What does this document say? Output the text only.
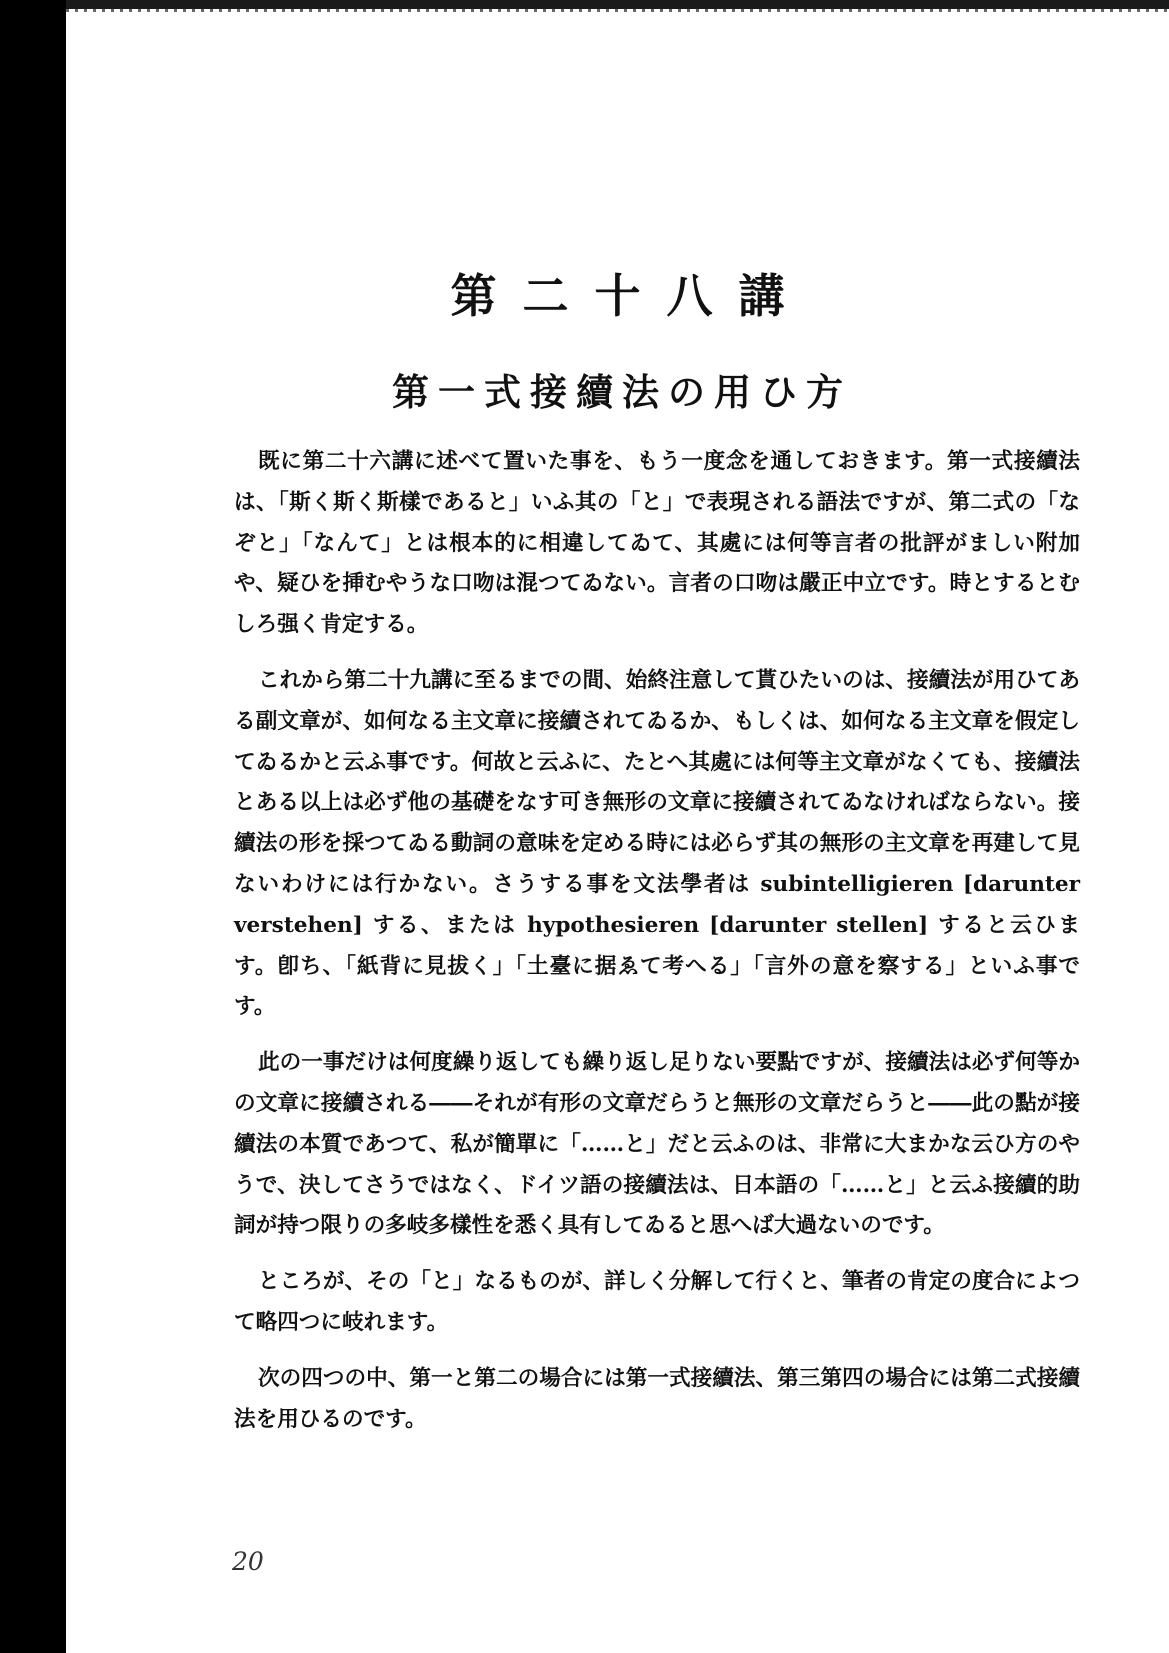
第二十八講
第一式接續法の用ひ方

既に第二十六講に述べて置いた事を、もう一度念を通しておきます。第一式接續法は、「斯く斯く斯樣であると」いふ其の「と」で表現される語法ですが、第二式の「なぞと」「なんて」とは根本的に相違してゐて、其處には何等言者の批評がましい附加や、疑ひを挿むやうな口吻は混つてゐない。言者の口吻は嚴正中立です。時とするとむしろ强く肯定する。

これから第二十九講に至るまでの間、始終注意して貰ひたいのは、接續法が用ひてある副文章が、如何なる主文章に接續されてゐるか、もしくは、如何なる主文章を假定してゐるかと云ふ事です。何故と云ふに、たとへ其處には何等主文章がなくても、接續法とある以上は必ず他の基礎をなす可き無形の文章に接續されてゐなければならない。接續法の形を採つてゐる動詞の意味を定める時には必らず其の無形の主文章を再建して見ないわけには行かない。さうする事を文法學者は subintelligieren [darunter verstehen] する、または hypothesieren [darunter stellen] すると云ひます。卽ち、「紙背に見拔く」「土臺に据ゑて考へる」「言外の意を察する」といふ事です。

此の一事だけは何度繰り返しても繰り返し足りない要點ですが、接續法は必ず何等かの文章に接續される――それが有形の文章だらうと無形の文章だらうと――此の點が接續法の本質であつて、私が簡單に「……と」だと云ふのは、非常に大まかな云ひ方のやうで、決してさうではなく、ドイツ語の接續法は、日本語の「……と」と云ふ接續的助詞が持つ限りの多岐多樣性を悉く具有してゐると思へば大過ないのです。

ところが、その「と」なるものが、詳しく分解して行くと、筆者の肯定の度合によつて略四つに岐れます。

次の四つの中、第一と第二の場合には第一式接續法、第三第四の場合には第二式接續法を用ひるのです。

20
